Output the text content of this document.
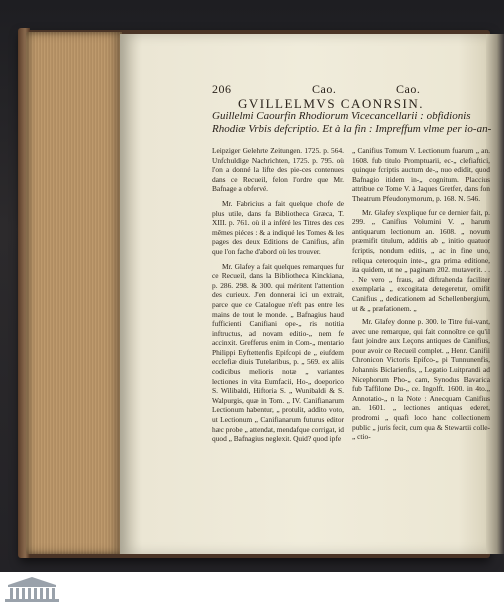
206	Cao.	Cao.
GVILLELMVS CAONRSIN.
Guillelmi Caourfin Rhodiorum Vicecancellarii : obfidionis Rhodiæ Vrbis defcriptio. Et à la fin : Impreffum vlme per io-an-

Leipziger Gelehrte Zeitungen. 1725. p. 564. Unfchuldige Nachrichten, 1725. p. 795. où l'on a donné la lifte des pie-ces contenues dans ce Recueil, felon l'ordre que Mr. Bafnage a obfervé.

Mr. Fabricius a fait quelque chofe de plus utile, dans fa Bibliotheca Græca, T. XIII. p. 761. où il a inféré les Titres des ces mêmes piéces : & a indiqué les Tomes & les pages des deux Editions de Canifius, afin que l'on fache d'abord où les trouver.

Mr. Glafey a fait quelques remarques fur ce Recueil, dans la Bibliotheca Kinckiana, p. 286. 298. & 300. qui méritent l'attention des curieux. J'en donnerai ici un extrait, parce que ce Catalogue n'eft pas entre les mains de tout le monde. „ Bafnagius haud fufficienti Canifiani ope-„ ris notitia inftructus, ad novam editio-„ nem fe accinxit. Grefferus enim in Com-„ mentario Philippi Eyftettenfis Epifcopi de „ eiufdem ecclefiæ diuis Tutelaribus, p. „ 569. ex aliis codicibus melioris notæ „ variantes lectiones in vita Eumfacii, Ho-„ doeporico S. Wilibaldi, Hiftoria S. „ Wunibaldi & S. Walpurgis, quæ in Tom. „ IV. Canifianarum Lectionum habentur, „ protulit, addito voto, ut Lectionum „ Canifianarum futurus editor hæc probe „ attendat, mendafque corrigat, id quod „ Bafnagius neglexit. Quid? quod ipfe

„ Canifius Tomum V. Lectionum fuarum „ an. 1608. fub titulo Promptuarii, ec-„ clefiaftici, quinque fcriptis auctum de-„ nuo edidit, quod Bafnagio itidem in-„ cognitum. Placcius attribue ce Tome V. à Jaques Gretfer, dans fon Theatrum Pfeudonymorum, p. 168. N. 546.

Mr. Glafey s'explique fur ce dernier fait, p. 299. „ Canifius Volumini V. „ harum antiquarum lectionum an. 1608. „ novum præmifit titulum, additis ab „ initio quatuor fcriptis, nondum editis, „ ac in fine uno, reliqua ceteroquin inte-„ gra prima editione, ita quidem, ut ne „ paginam 202. mutaverit. . . . Ne vero „ fraus, ad diftrahenda faciliter exemplaria „ excogitata detegeretur, omifit Canifius „ dedicationem ad Schellenbergium, ut & „ præfationem. „

Mr. Glafey donne p. 300. le Titre fui-vant, avec une remarque, qui fait connoître ce qu'il faut joindre aux Leçons antiques de Canifius, pour avoir ce Recueil complet. „ Henr. Canifii Chronicon Victoris Epifco-„ pi Tunnunenfis, Johannis Biclarienfis, „ Legatio Luitprandi ad Nicephorum Pho-„ cam, Synodus Bavarica fub Taffilone Du-„ ce. Ingolft. 1600. in 4to.„ Annotatio-„ n la Note : Anecquam Canifius an. 1601. „ lectiones antiquas ederet, prodromi „ quafi loco hanc collectionem public „ juris fecit, cum qua & Stewartii colle-„ ctio-
